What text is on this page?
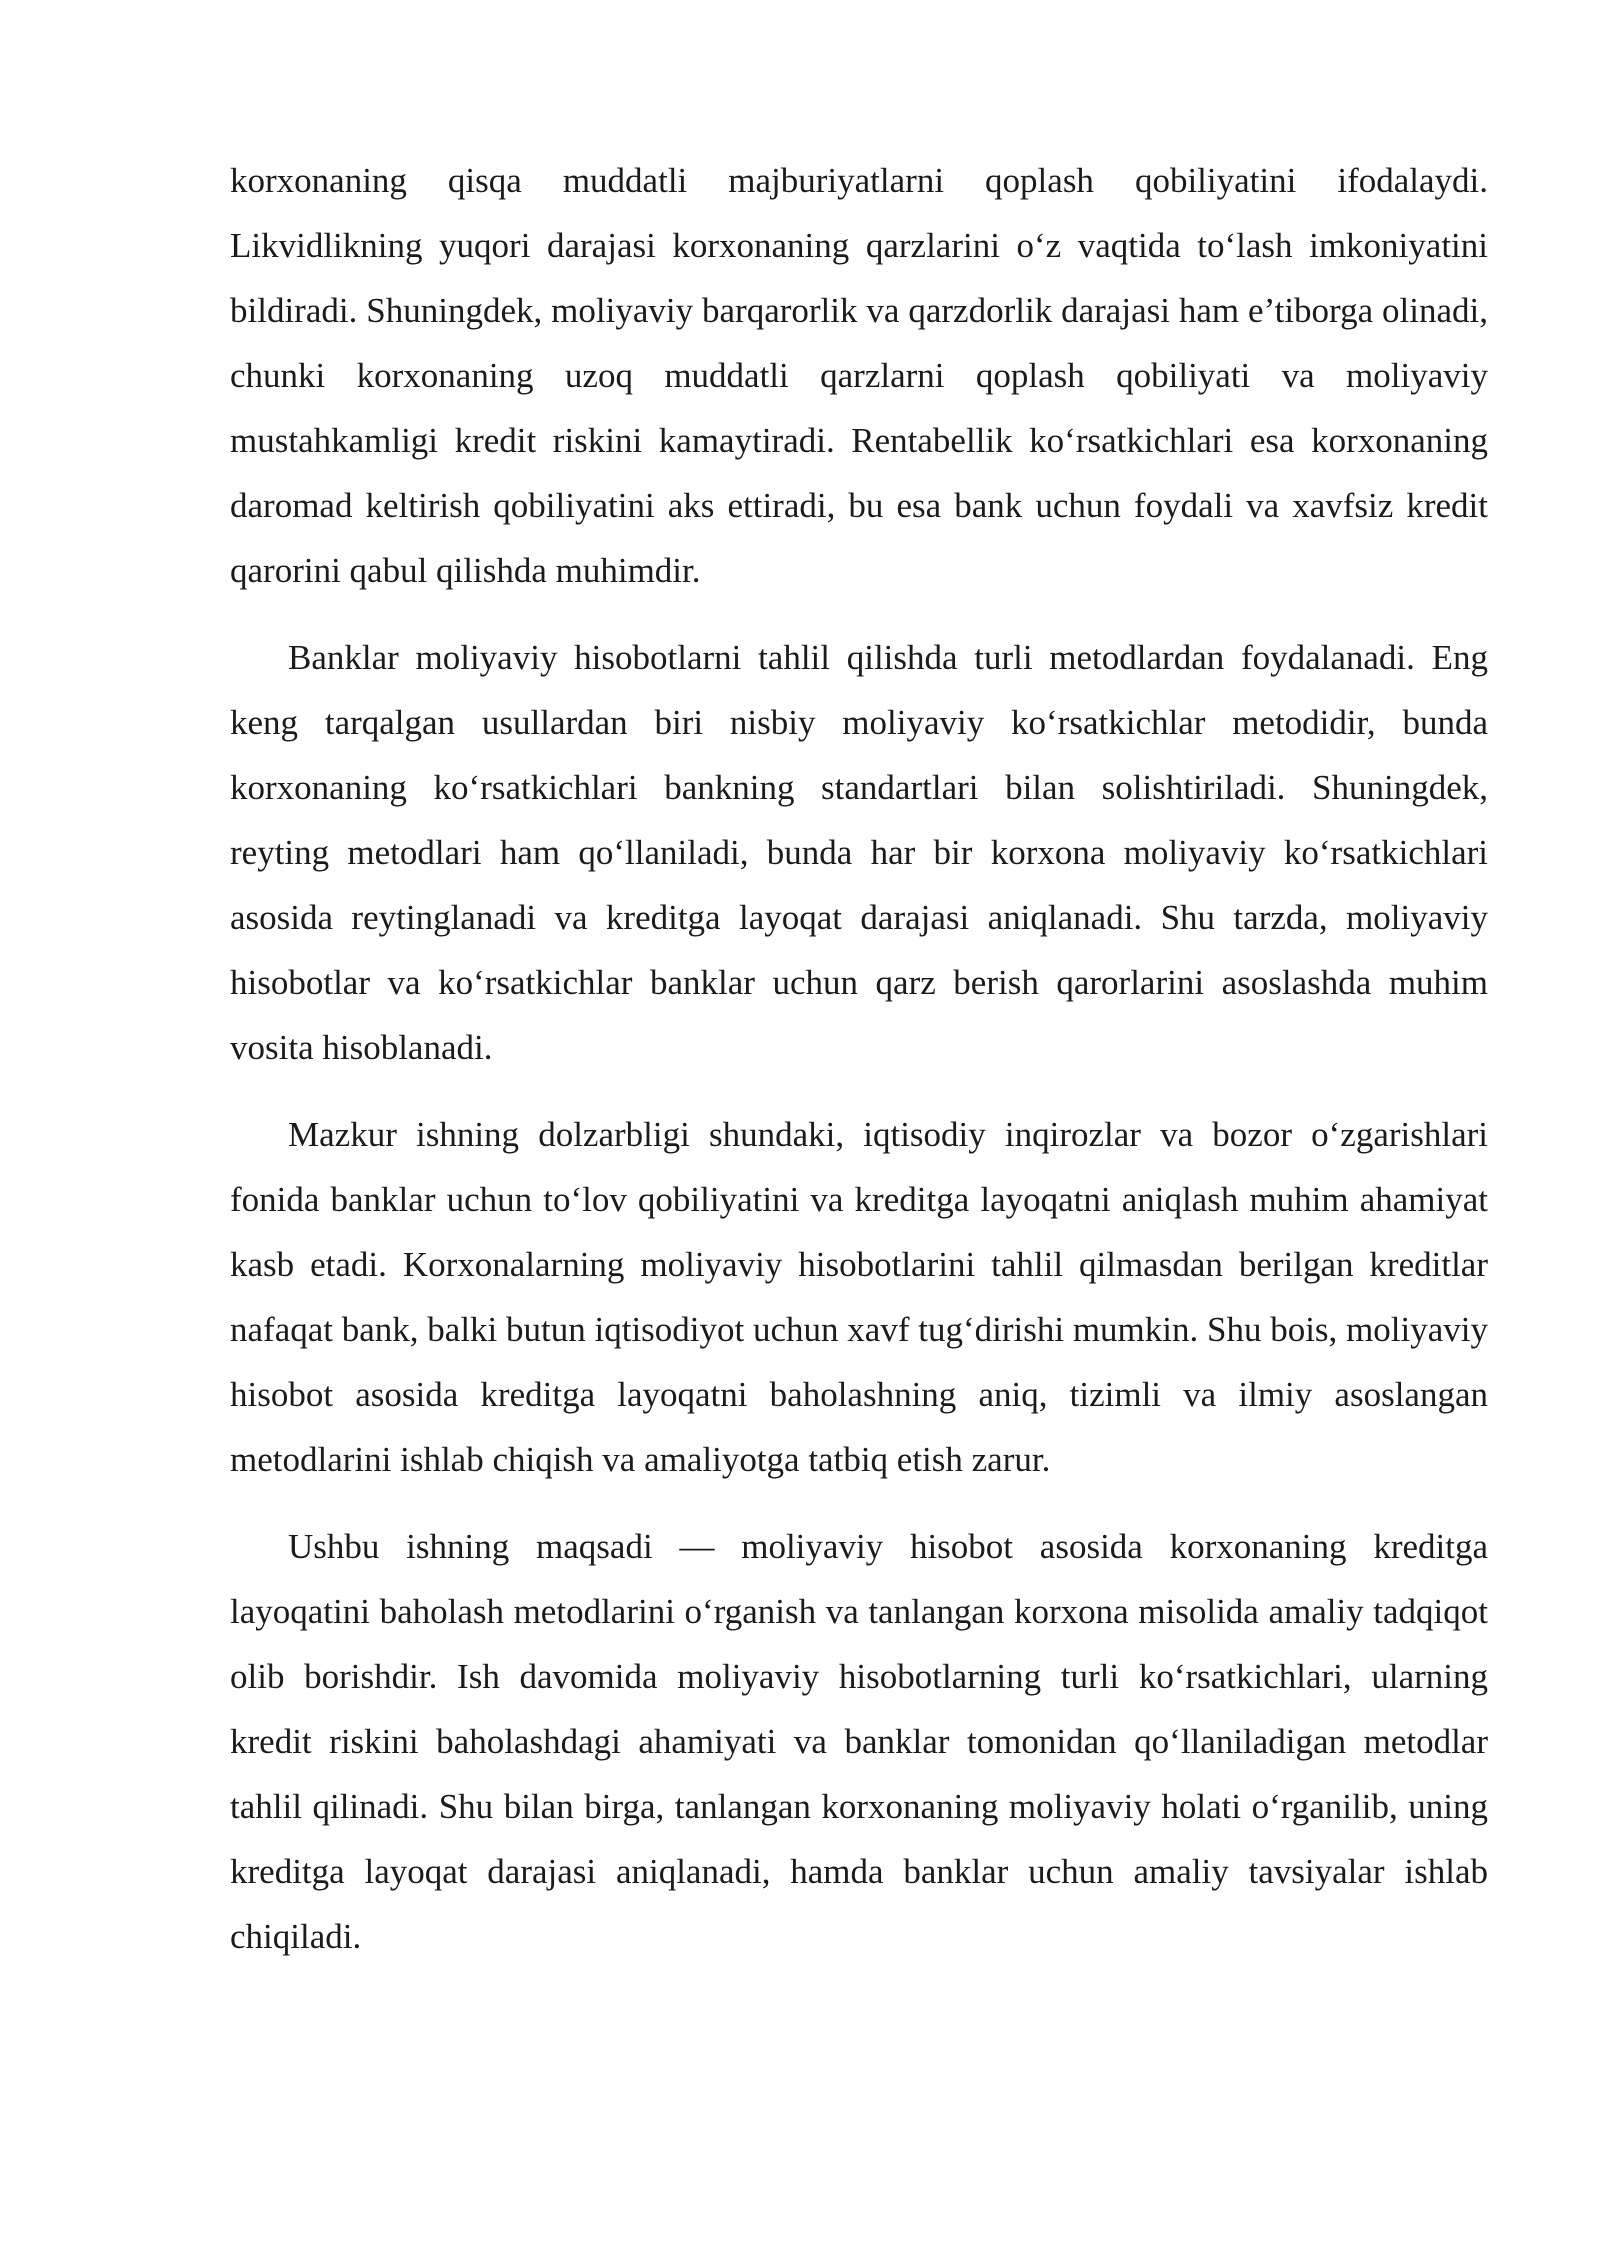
korxonaning qisqa muddatli majburiyatlarni qoplash qobiliyatini ifodalaydi. Likvidlikning yuqori darajasi korxonaning qarzlarini o‘z vaqtida to‘lash imkoniyatini bildiradi. Shuningdek, moliyaviy barqarorlik va qarzdorlik darajasi ham e’tiborga olinadi, chunki korxonaning uzoq muddatli qarzlarni qoplash qobiliyati va moliyaviy mustahkamligi kredit riskini kamaytiradi. Rentabellik ko‘rsatkichlari esa korxonaning daromad keltirish qobiliyatini aks ettiradi, bu esa bank uchun foydali va xavfsiz kredit qarorini qabul qilishda muhimdir.

Banklar moliyaviy hisobotlarni tahlil qilishda turli metodlardan foydalanadi. Eng keng tarqalgan usullardan biri nisbiy moliyaviy ko‘rsatkichlar metodidir, bunda korxonaning ko‘rsatkichlari bankning standartlari bilan solishtiriladi. Shuningdek, reyting metodlari ham qo‘llaniladi, bunda har bir korxona moliyaviy ko‘rsatkichlari asosida reytinglanadi va kreditga layoqat darajasi aniqlanadi. Shu tarzda, moliyaviy hisobotlar va ko‘rsatkichlar banklar uchun qarz berish qarorlarini asoslashda muhim vosita hisoblanadi.

Mazkur ishning dolzarbligi shundaki, iqtisodiy inqirozlar va bozor o‘zgarishlari fonida banklar uchun to‘lov qobiliyatini va kreditga layoqatni aniqlash muhim ahamiyat kasb etadi. Korxonalarning moliyaviy hisobotlarini tahlil qilmasdan berilgan kreditlar nafaqat bank, balki butun iqtisodiyot uchun xavf tug‘dirishi mumkin. Shu bois, moliyaviy hisobot asosida kreditga layoqatni baholashning aniq, tizimli va ilmiy asoslangan metodlarini ishlab chiqish va amaliyotga tatbiq etish zarur.

Ushbu ishning maqsadi — moliyaviy hisobot asosida korxonaning kreditga layoqatini baholash metodlarini o‘rganish va tanlangan korxona misolida amaliy tadqiqot olib borishdir. Ish davomida moliyaviy hisobotlarning turli ko‘rsatkichlari, ularning kredit riskini baholashdagi ahamiyati va banklar tomonidan qo‘llaniladigan metodlar tahlil qilinadi. Shu bilan birga, tanlangan korxonaning moliyaviy holati o‘rganilib, uning kreditga layoqat darajasi aniqlanadi, hamda banklar uchun amaliy tavsiyalar ishlab chiqiladi.
